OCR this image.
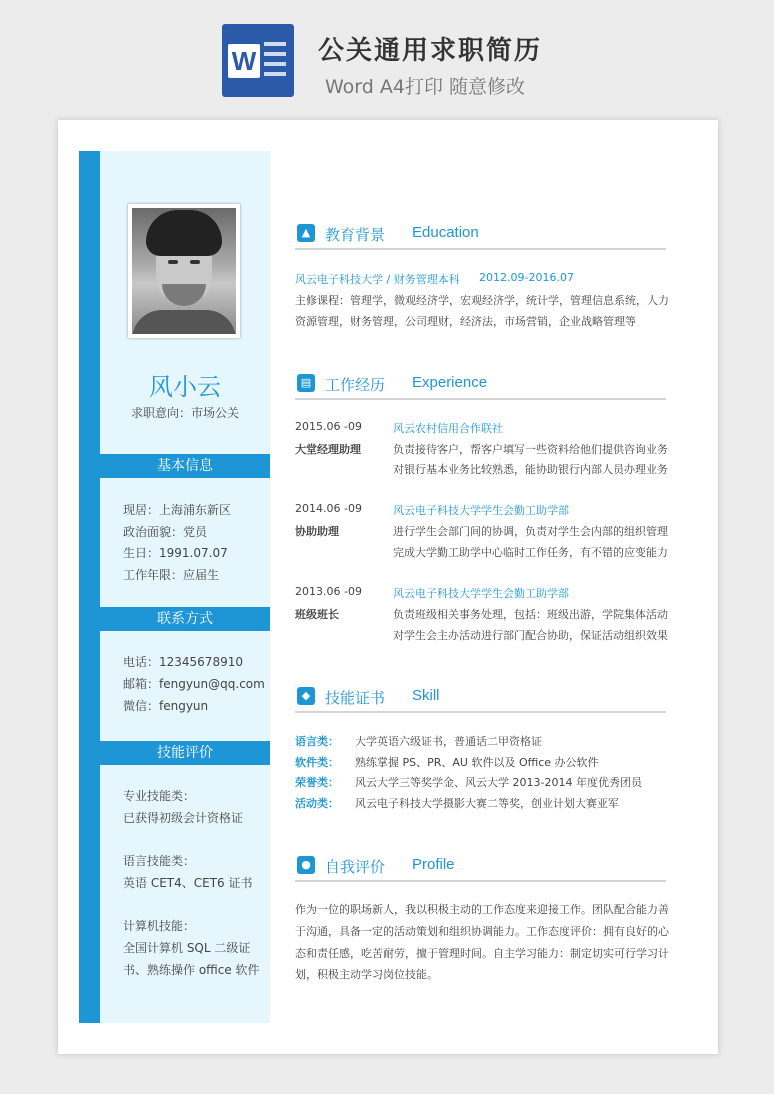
W 公关通用求职简历
Word A4打印 随意修改
风小云
求职意向：市场公关
基本信息
现居：上海浦东新区
政治面貌：党员
生日：1991.07.07
工作年限：应届生
联系方式
电话：12345678910
邮箱：fengyun@qq.com
微信：fengyun
技能评价
专业技能类：
已获得初级会计资格证
语言技能类：
英语 CET4、CET6 证书
计算机技能：
全国计算机 SQL 二级证
书、熟练操作 office 软件
▲ 教育背景 Education
风云电子科技大学 / 财务管理本科 2012.09-2016.07
主修课程：管理学，微观经济学，宏观经济学，统计学，管理信息系统，人力
资源管理，财务管理，公司理财，经济法，市场营销，企业战略管理等
▤ 工作经历 Experience
2015.06 -09	风云农村信用合作联社
大堂经理助理	负责接待客户，帮客户填写一些资料给他们提供咨询业务
对银行基本业务比较熟悉，能协助银行内部人员办理业务
2014.06 -09	风云电子科技大学学生会勤工助学部
协助助理	进行学生会部门间的协调，负责对学生会内部的组织管理
完成大学勤工助学中心临时工作任务，有不错的应变能力
2013.06 -09	风云电子科技大学学生会勤工助学部
班级班长	负责班级相关事务处理，包括：班级出游，学院集体活动
对学生会主办活动进行部门配合协助，保证活动组织效果
◆ 技能证书 Skill
语言类： 大学英语六级证书，普通话二甲资格证
软件类： 熟练掌握 PS、PR、AU 软件以及 Office 办公软件
荣誉类： 风云大学三等奖学金、风云大学 2013-2014 年度优秀团员
活动类： 风云电子科技大学摄影大赛二等奖，创业计划大赛亚军
● 自我评价 Profile
作为一位的职场新人，我以积极主动的工作态度来迎接工作。团队配合能力善
于沟通，具备一定的活动策划和组织协调能力。工作态度评价：拥有良好的心
态和责任感，吃苦耐劳，擅于管理时间。自主学习能力：制定切实可行学习计
划，积极主动学习岗位技能。
